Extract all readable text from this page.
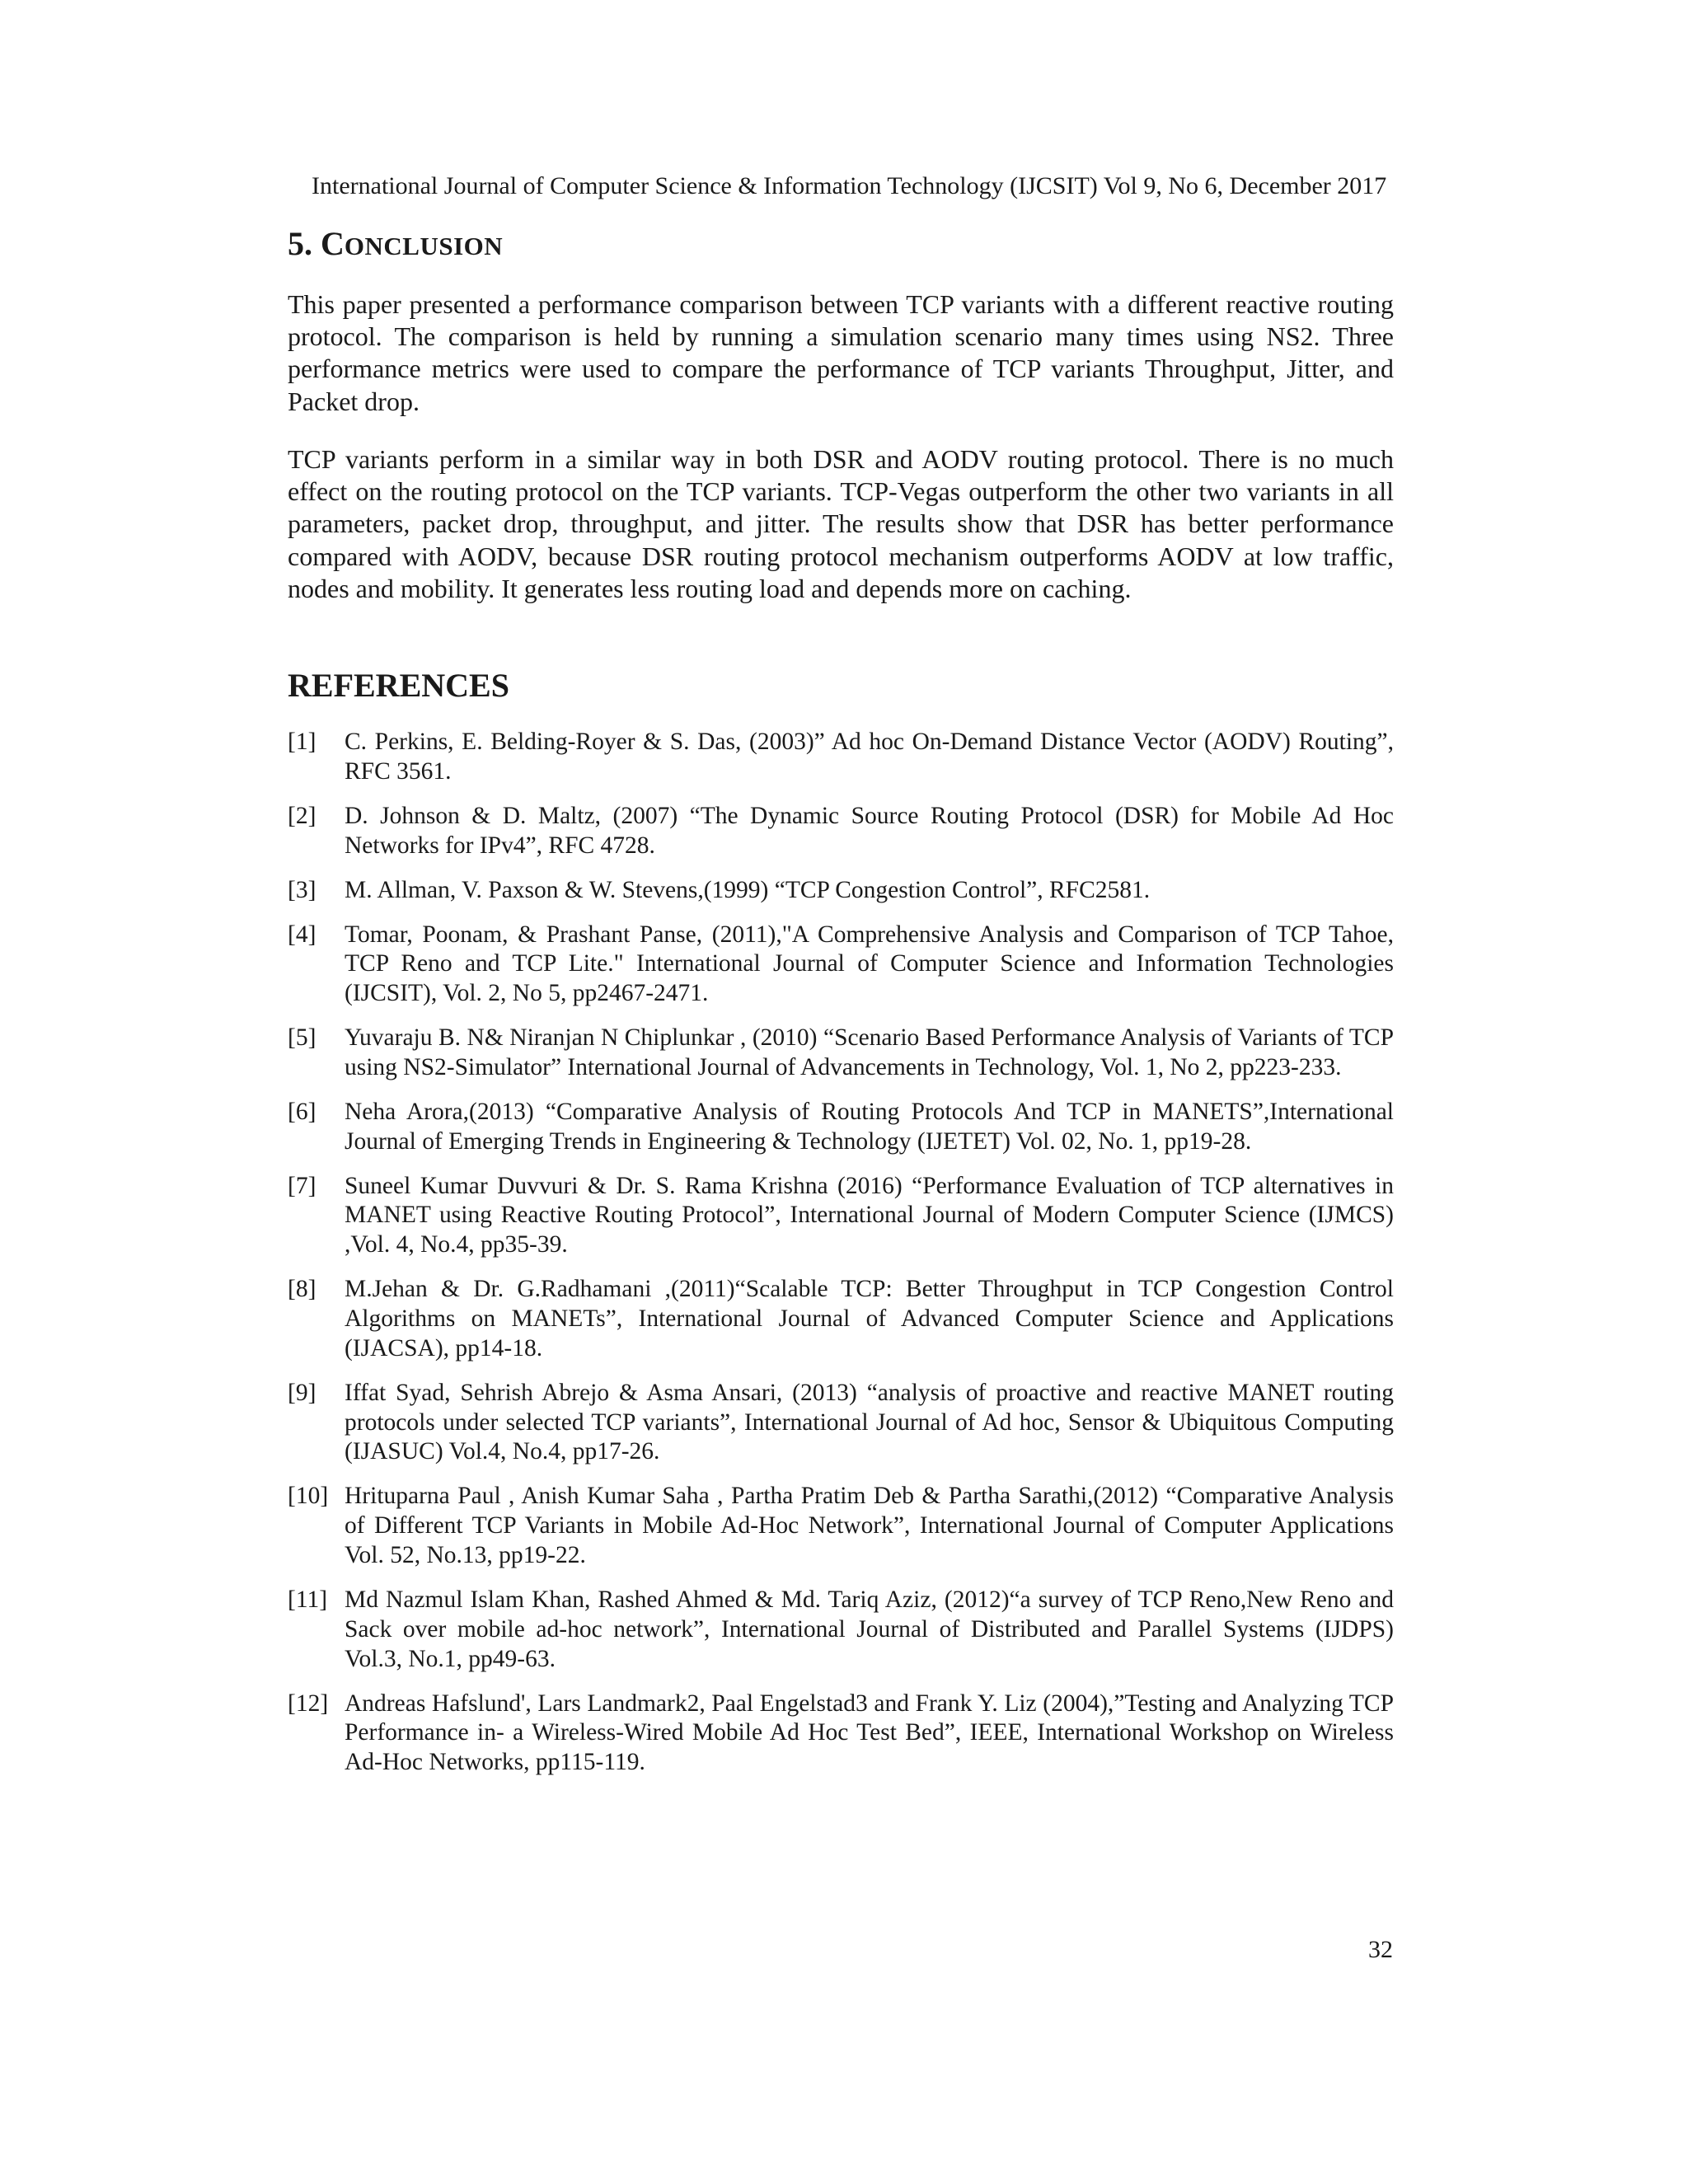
International Journal of Computer Science & Information Technology (IJCSIT) Vol 9, No 6, December 2017
5. CONCLUSION

This paper presented a performance comparison between TCP variants with a different reactive routing protocol. The comparison is held by running a simulation scenario many times using NS2. Three performance metrics were used to compare the performance of TCP variants Throughput, Jitter, and Packet drop.

TCP variants perform in a similar way in both DSR and AODV routing protocol. There is no much effect on the routing protocol on the TCP variants. TCP-Vegas outperform the other two variants in all parameters, packet drop, throughput, and jitter. The results show that DSR has better performance compared with AODV, because DSR routing protocol mechanism outperforms AODV at low traffic, nodes and mobility. It generates less routing load and depends more on caching.

REFERENCES
[1] C. Perkins, E. Belding-Royer & S. Das, (2003)” Ad hoc On-Demand Distance Vector (AODV) Routing”, RFC 3561.
[2] D. Johnson & D. Maltz, (2007) “The Dynamic Source Routing Protocol (DSR) for Mobile Ad Hoc Networks for IPv4”, RFC 4728.
[3] M. Allman, V. Paxson & W. Stevens,(1999) “TCP Congestion Control”, RFC2581.
[4] Tomar, Poonam, & Prashant Panse, (2011),"A Comprehensive Analysis and Comparison of TCP Tahoe, TCP Reno and TCP Lite." International Journal of Computer Science and Information Technologies (IJCSIT), Vol. 2, No 5, pp2467-2471.
[5] Yuvaraju B. N& Niranjan N Chiplunkar , (2010) “Scenario Based Performance Analysis of Variants of TCP using NS2-Simulator” International Journal of Advancements in Technology, Vol. 1, No 2, pp223-233.
[6] Neha Arora,(2013) “Comparative Analysis of Routing Protocols And TCP in MANETS”,International Journal of Emerging Trends in Engineering & Technology (IJETET) Vol. 02, No. 1, pp19-28.
[7] Suneel Kumar Duvvuri & Dr. S. Rama Krishna (2016) “Performance Evaluation of TCP alternatives in MANET using Reactive Routing Protocol”, International Journal of Modern Computer Science (IJMCS) ,Vol. 4, No.4, pp35-39.
[8] M.Jehan & Dr. G.Radhamani ,(2011)“Scalable TCP: Better Throughput in TCP Congestion Control Algorithms on MANETs”, International Journal of Advanced Computer Science and Applications (IJACSA), pp14-18.
[9] Iffat Syad, Sehrish Abrejo & Asma Ansari, (2013) “analysis of proactive and reactive MANET routing protocols under selected TCP variants”, International Journal of Ad hoc, Sensor & Ubiquitous Computing (IJASUC) Vol.4, No.4, pp17-26.
[10] Hrituparna Paul , Anish Kumar Saha , Partha Pratim Deb & Partha Sarathi,(2012) “Comparative Analysis of Different TCP Variants in Mobile Ad-Hoc Network”, International Journal of Computer Applications Vol. 52, No.13, pp19-22.
[11] Md Nazmul Islam Khan, Rashed Ahmed & Md. Tariq Aziz, (2012)“a survey of TCP Reno,New Reno and Sack over mobile ad-hoc network”, International Journal of Distributed and Parallel Systems (IJDPS) Vol.3, No.1, pp49-63.
[12] Andreas Hafslund', Lars Landmark2, Paal Engelstad3 and Frank Y. Liz (2004),”Testing and Analyzing TCP Performance in- a Wireless-Wired Mobile Ad Hoc Test Bed”, IEEE, International Workshop on Wireless Ad-Hoc Networks, pp115-119.
32
